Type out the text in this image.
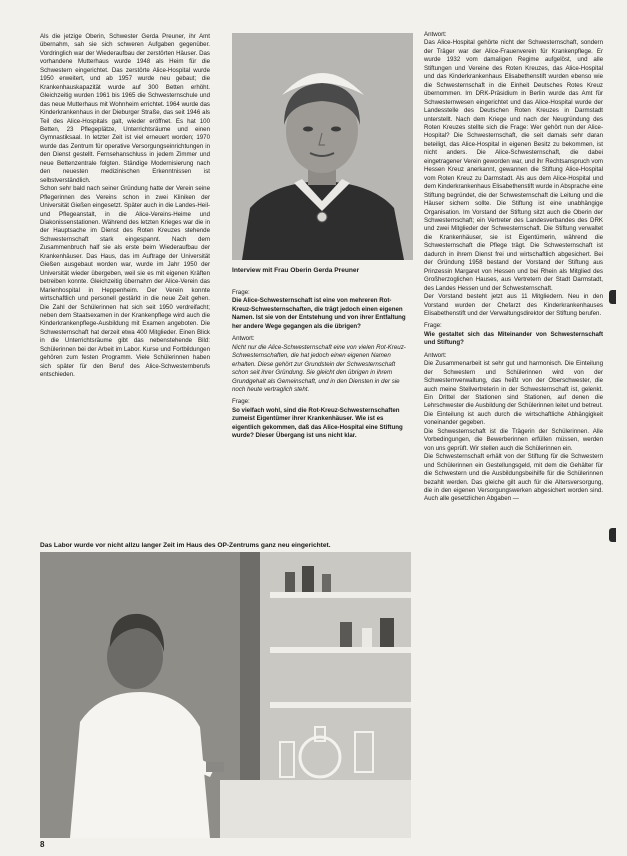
Als die jetzige Oberin, Schwester Gerda Preuner, ihr Amt übernahm, sah sie sich schweren Aufgaben gegenüber. Vordringlich war der Wiederaufbau der zerstörten Häuser. Das vorhandene Mutterhaus wurde 1948 als Heim für die Schwestern eingerichtet. Das zerstörte Alice-Hospital wurde 1950 erweitert, und ab 1957 wurde neu gebaut; die Krankenhauskapazität wurde auf 300 Betten erhöht. Gleichzeitig wurden 1961 bis 1965 die Schwesternschule und das neue Mutterhaus mit Wohnheim errichtet. 1964 wurde das Kinderkrankenhaus in der Dieburger Straße, das seit 1946 als Teil des Alice-Hospitals galt, wieder eröffnet. Es hat 100 Betten, 23 Pflegeplätze, Unterrichtsräume und einen Gymnastiksaal. In letzter Zeit ist viel erneuert worden; 1970 wurde das Zentrum für operative Versorgungseinrichtungen in den Dienst gestellt. Fernsehanschluss in jedem Zimmer und neue Bettenzentrale folgten. Ständige Modernisierung nach den neuesten medizinischen Erkenntnissen ist selbstverständlich.

Schon sehr bald nach seiner Gründung hatte der Verein seine Pflegerinnen des Vereins schon in zwei Kliniken der Universität Gießen eingesetzt. Später auch in die Landes-Heil- und Pflegeanstalt, in die Alice-Vereins-Heime und Diakonissenstationen. Während des letzten Krieges war die in der Hauptsache im Dienst des Roten Kreuzes stehende Schwesternschaft stark eingespannt. Nach dem Zusammenbruch half sie als erste beim Wiederaufbau der Krankenhäuser. Das Haus, das im Auftrage der Universität Gießen ausgebaut worden war, wurde im Jahr 1950 der Universität wieder übergeben, weil sie es mit eigenen Kräften betreiben konnte. Gleichzeitig übernahm der Alice-Verein das Marienhospital in Heppenheim. Der Verein konnte wirtschaftlich und personell gestärkt in die neue Zeit gehen. Die Zahl der Schülerinnen hat sich seit 1950 verdreifacht; neben dem Staatsexamen in der Krankenpflege wird auch die Kinderkrankenpflege-Ausbildung mit Examen angeboten. Die Schwesternschaft hat derzeit etwa 400 Mitglieder. Einen Blick in die Unterrichtsräume gibt das nebenstehende Bild: Schülerinnen bei der Arbeit im Labor. Kurse und Fortbildungen gehören zum festen Programm. Viele Schülerinnen haben sich später für den Beruf des Alice-Schwesternberufs entschieden.

Interview mit Frau Oberin Gerda Preuner
Frage:
Die Alice-Schwesternschaft ist eine von mehreren Rot-Kreuz-Schwesternschaften, die trägt jedoch einen eigenen Namen. Ist sie von der Entstehung und von ihrer Entfaltung her andere Wege gegangen als die übrigen?
Antwort:
Nicht nur die Alice-Schwesternschaft eine von vielen Rot-Kreuz-Schwesternschaften, die hat jedoch einen eigenen Namen erhalten. Diese gehört zur Grundstein der Schwesternschaft schon seit ihrer Gründung. Sie gleicht den übrigen in ihrem Grundgehalt als Gemeinschaft, und in den Diensten in der sie noch heute vertraglich steht.
Frage:
So vielfach wohl, sind die Rot-Kreuz-Schwesternschaften zumeist Eigentümer ihrer Krankenhäuser. Wie ist es eigentlich gekommen, daß das Alice-Hospital eine Stiftung wurde? Dieser Übergang ist uns nicht klar.
Antwort:

Das Alice-Hospital gehörte nicht der Schwesternschaft, sondern der Träger war der Alice-Frauenverein für Krankenpflege. Er wurde 1932 vom damaligen Regime aufgelöst, und alle Stiftungen und Vereine des Roten Kreuzes, das Alice-Hospital und das Kinderkrankenhaus Elisabethenstift wurden ebenso wie die Schwesternschaft in die Einheit Deutsches Rotes Kreuz übernommen. Im DRK-Präsidium in Berlin wurde das Amt für Schwesternwesen eingerichtet und das Alice-Hospital wurde der Landesstelle des Deutschen Roten Kreuzes in Darmstadt unterstellt. Nach dem Kriege und nach der Neugründung des Roten Kreuzes stellte sich die Frage: Wer gehört nun der Alice-Hospital? Die Schwesternschaft, die seit damals sehr daran beteiligt, das Alice-Hospital in eigenen Besitz zu bekommen, ist nicht anders. Die Alice-Schwesternschaft, die dabei eingetragener Verein geworden war, und ihr Rechtsanspruch vom Hessen Kreuz anerkannt, gewannen die Stiftung Alice-Hospital vom Roten Kreuz zu Darmstadt. Als aus dem Alice-Hospital und dem Kinderkrankenhaus Elisabethenstift wurde in Absprache eine Stiftung begründet, die der Schwesternschaft die Leitung und die Häuser sichern sollte. Die Stiftung ist eine unabhängige Organisation. Im Vorstand der Stiftung sitzt auch die Oberin der Schwesternschaft; ein Vertreter des Landesverbandes des DRK und zwei Mitglieder der Schwesternschaft. Die Stiftung verwaltet die Krankenhäuser, sie ist Eigentümerin, während die Schwesternschaft die Pflege trägt. Die Schwesternschaft ist dadurch in ihrem Dienst frei und wirtschaftlich abgesichert. Bei der Gründung 1958 bestand der Vorstand der Stiftung aus Prinzessin Margaret von Hessen und bei Rhein als Mitglied des Großherzoglichen Hauses, aus Vertretern der Stadt Darmstadt, des Landes Hessen und der Schwesternschaft.

Der Vorstand besteht jetzt aus 11 Mitgliedern. Neu in den Vorstand wurden der Chefarzt des Kinderkrankenhauses Elisabethenstift und der Verwaltungsdirektor der Stiftung berufen.

Frage:
Wie gestaltet sich das Miteinander von Schwesternschaft und Stiftung?
Antwort:

Die Zusammenarbeit ist sehr gut und harmonisch. Die Einteilung der Schwestern und Schülerinnen wird von der Schwesternverwaltung, das heißt von der Oberschwester, die auch meine Stellvertreterin in der Schwesternschaft ist, gelenkt. Ein Drittel der Stationen sind Stationen, auf denen die Lehrschwester die Ausbildung der Schülerinnen leitet und betreut.

Die Einteilung ist auch durch die wirtschaftliche Abhängigkeit voneinander gegeben.

Die Schwesternschaft ist die Trägerin der Schülerinnen. Alle Vorbedingungen, die Bewerberinnen erfüllen müssen, werden von uns geprüft. Wir stellen auch die Schülerinnen ein.

Die Schwesternschaft erhält von der Stiftung für die Schwestern und Schülerinnen ein Gestellungsgeld, mit dem die Gehälter für die Schwestern und die Ausbildungsbeihilfe für die Schülerinnen bezahlt werden. Das gleiche gilt auch für die Altersversorgung, die in den eigenen Versorgungswerken abgesichert worden sind. Auch alle gesetzlichen Abgaben —

Das Labor wurde vor nicht allzu langer Zeit im Haus des OP-Zentrums ganz neu eingerichtet.
8
